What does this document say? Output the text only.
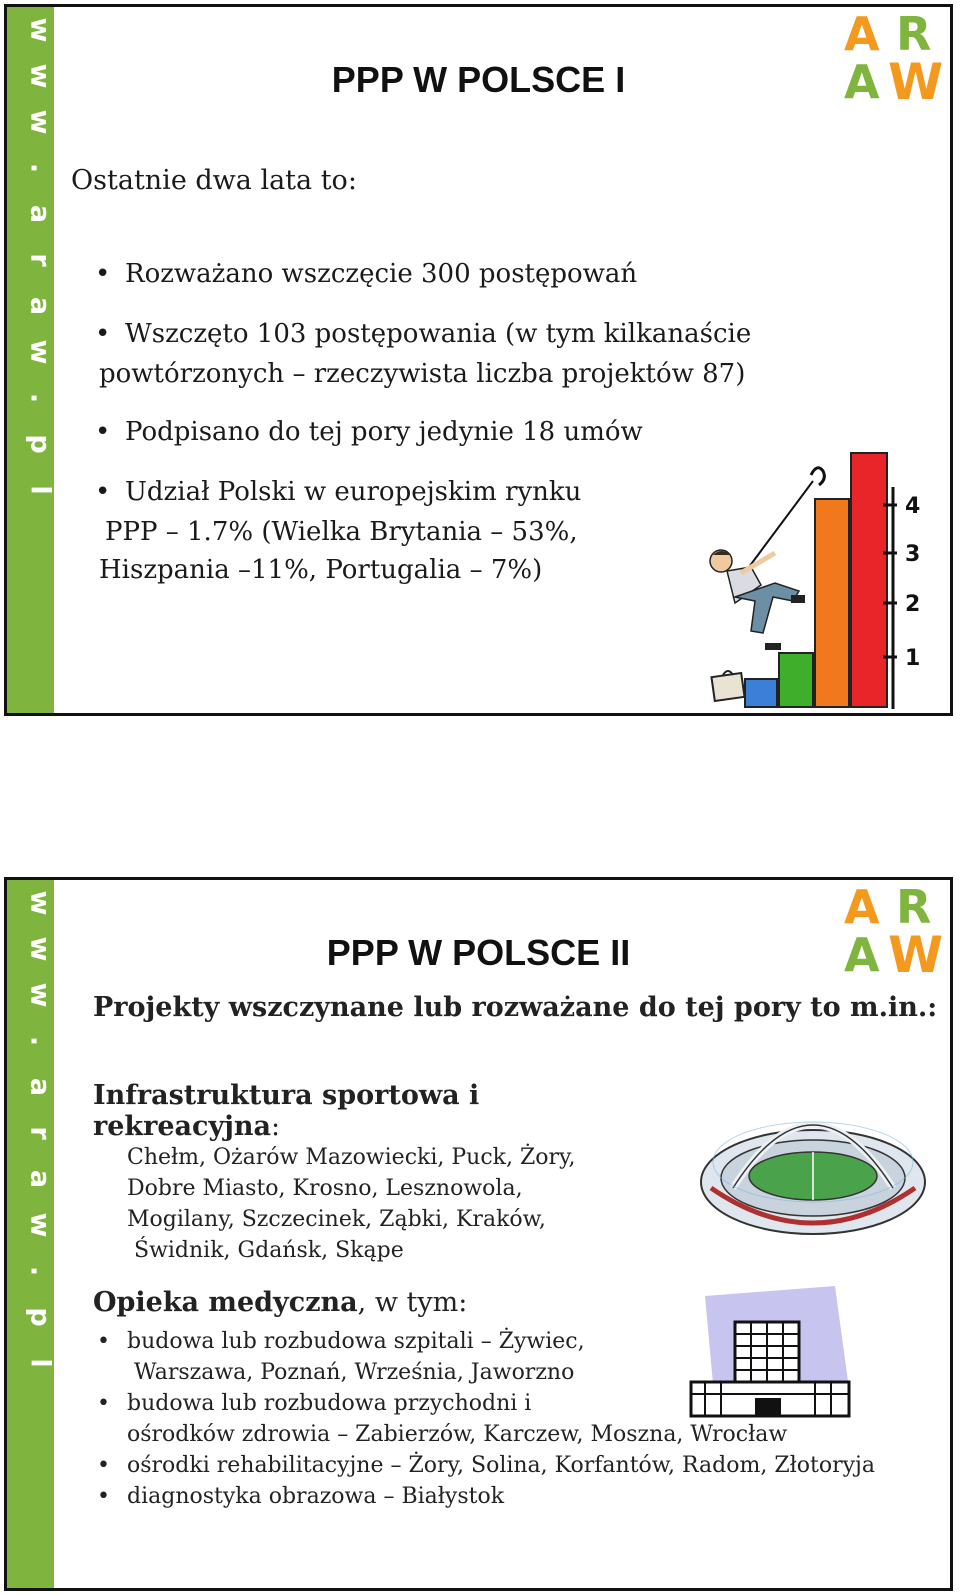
w
w
w
.
a
r
a
w
.
p
l
A R
A W
PPP W POLSCE I
Ostatnie dwa lata to:
• Rozważano wszczęcie 300 postępowań
• Wszczęto 103 postępowania (w tym kilkanaście
powtórzonych – rzeczywista liczba projektów 87)
• Podpisano do tej pory jedynie 18 umów
• Udział Polski w europejskim rynku
PPP – 1.7% (Wielka Brytania – 53%,
Hiszpania –11%, Portugalia – 7%)
4
3
2
1
w
w
w
.
a
r
a
w
.
p
l
A R
A W
PPP W POLSCE II
Projekty wszczynane lub rozważane do tej pory to m.in.:
Infrastruktura sportowa i rekreacyjna:
Chełm, Ożarów Mazowiecki, Puck, Żory,
Dobre Miasto, Krosno, Lesznowola,
Mogilany, Szczecinek, Ząbki, Kraków,
Świdnik, Gdańsk, Skąpe
Opieka medyczna, w tym:
• budowa lub rozbudowa szpitali – Żywiec,
Warszawa, Poznań, Września, Jaworzno
• budowa lub rozbudowa przychodni i
ośrodków zdrowia – Zabierzów, Karczew, Moszna, Wrocław
• ośrodki rehabilitacyjne – Żory, Solina, Korfantów, Radom, Złotoryja
• diagnostyka obrazowa – Białystok
